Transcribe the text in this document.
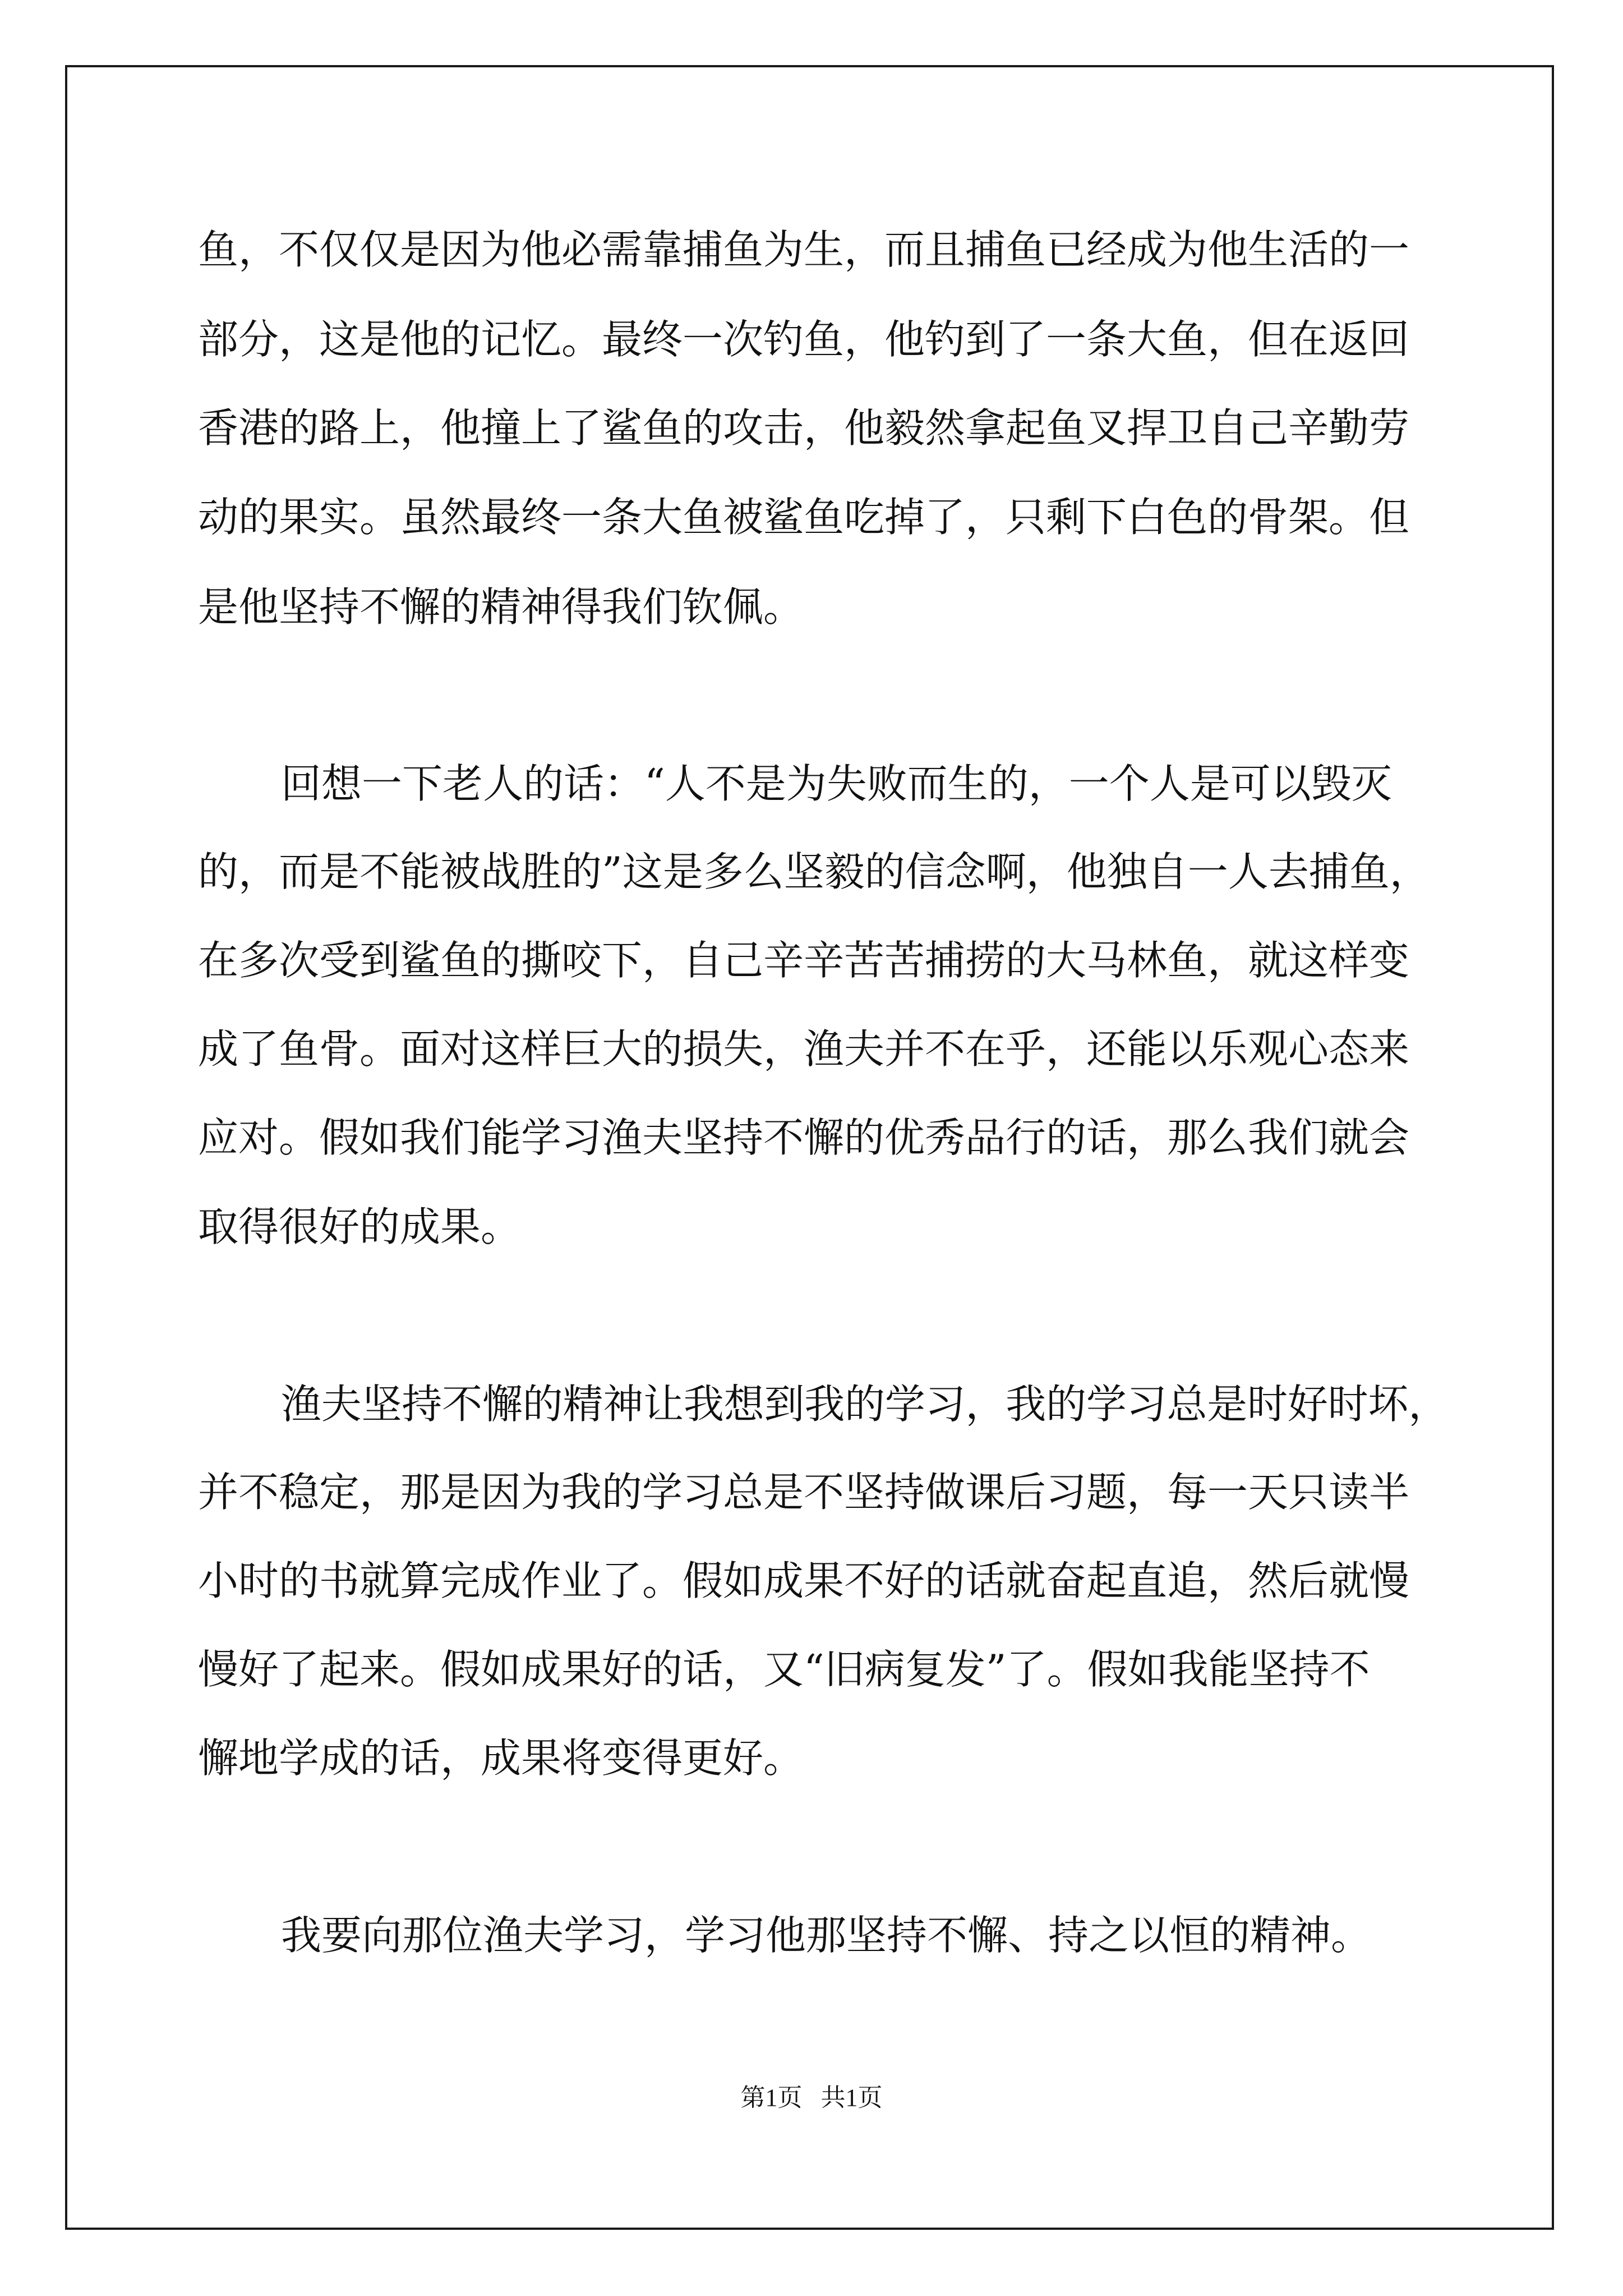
鱼，不仅仅是因为他必需靠捕鱼为生，而且捕鱼已经成为他生活的一
部分，这是他的记忆。最终一次钓鱼，他钓到了一条大鱼，但在返回
香港的路上，他撞上了鲨鱼的攻击，他毅然拿起鱼叉捍卫自己辛勤劳
动的果实。虽然最终一条大鱼被鲨鱼吃掉了，只剩下白色的骨架。但
是他坚持不懈的精神得我们钦佩。
回想一下老人的话：“人不是为失败而生的，一个人是可以毁灭
的，而是不能被战胜的”这是多么坚毅的信念啊，他独自一人去捕鱼，
在多次受到鲨鱼的撕咬下，自己辛辛苦苦捕捞的大马林鱼，就这样变
成了鱼骨。面对这样巨大的损失，渔夫并不在乎，还能以乐观心态来
应对。假如我们能学习渔夫坚持不懈的优秀品行的话，那么我们就会
取得很好的成果。
渔夫坚持不懈的精神让我想到我的学习，我的学习总是时好时坏，
并不稳定，那是因为我的学习总是不坚持做课后习题，每一天只读半
小时的书就算完成作业了。假如成果不好的话就奋起直追，然后就慢
慢好了起来。假如成果好的话，又“旧病复发”了。假如我能坚持不
懈地学成的话，成果将变得更好。
我要向那位渔夫学习，学习他那坚持不懈、持之以恒的精神。
第1页   共1页
